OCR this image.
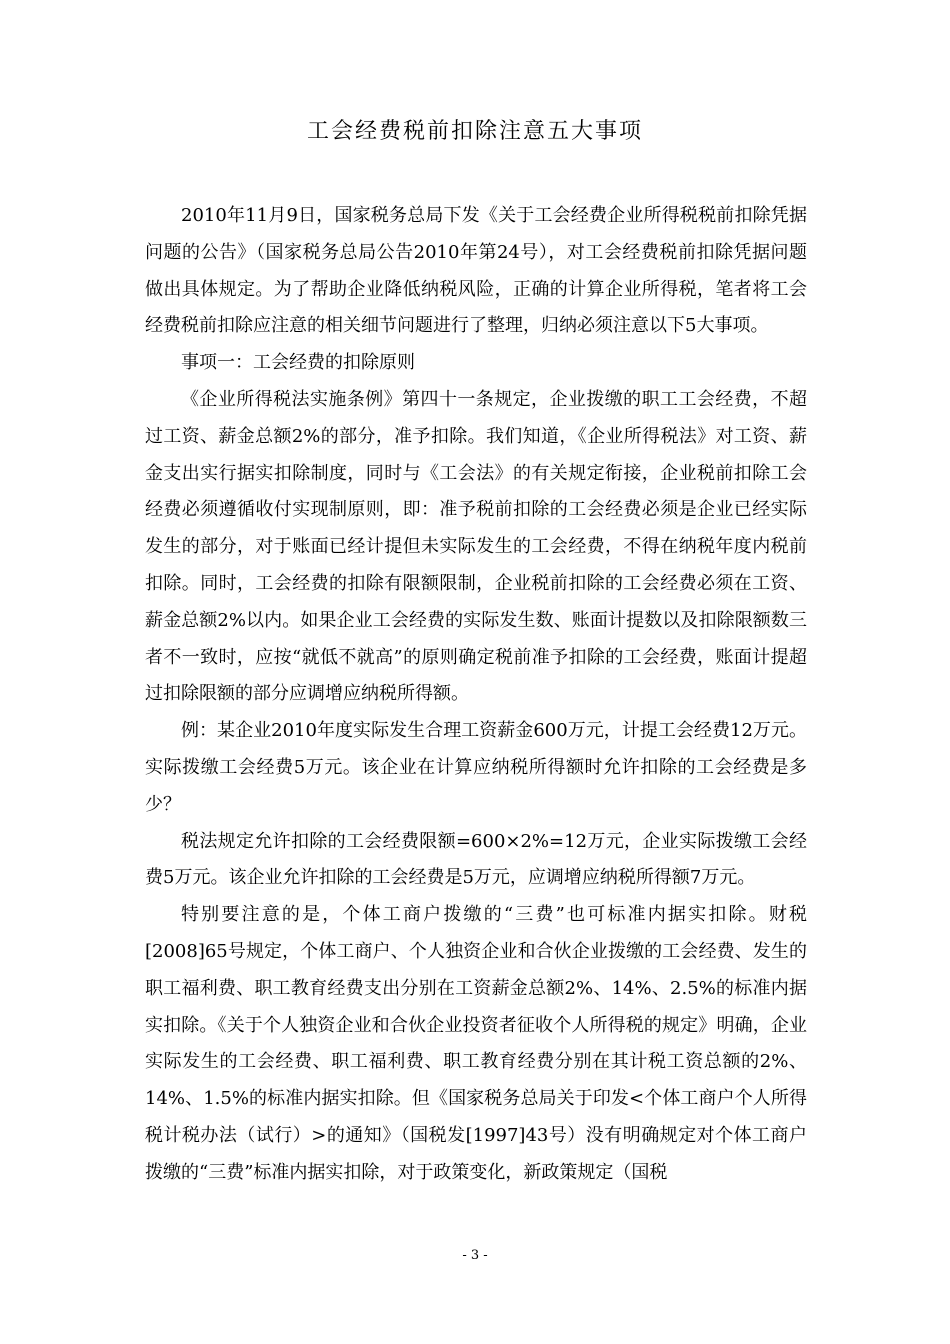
工会经费税前扣除注意五大事项

2010年11月9日，国家税务总局下发《关于工会经费企业所得税税前扣除凭据问题的公告》（国家税务总局公告2010年第24号），对工会经费税前扣除凭据问题做出具体规定。为了帮助企业降低纳税风险，正确的计算企业所得税，笔者将工会经费税前扣除应注意的相关细节问题进行了整理，归纳必须注意以下5大事项。

事项一：工会经费的扣除原则

《企业所得税法实施条例》第四十一条规定，企业拨缴的职工工会经费，不超过工资、薪金总额2%的部分，准予扣除。我们知道，《企业所得税法》对工资、薪金支出实行据实扣除制度，同时与《工会法》的有关规定衔接，企业税前扣除工会经费必须遵循收付实现制原则，即：准予税前扣除的工会经费必须是企业已经实际发生的部分，对于账面已经计提但未实际发生的工会经费，不得在纳税年度内税前扣除。同时，工会经费的扣除有限额限制，企业税前扣除的工会经费必须在工资、薪金总额2%以内。如果企业工会经费的实际发生数、账面计提数以及扣除限额数三者不一致时，应按“就低不就高”的原则确定税前准予扣除的工会经费，账面计提超过扣除限额的部分应调增应纳税所得额。

例：某企业2010年度实际发生合理工资薪金600万元，计提工会经费12万元。实际拨缴工会经费5万元。该企业在计算应纳税所得额时允许扣除的工会经费是多少？

税法规定允许扣除的工会经费限额=600×2%=12万元，企业实际拨缴工会经费5万元。该企业允许扣除的工会经费是5万元，应调增应纳税所得额7万元。

特别要注意的是，个体工商户拨缴的“三费”也可标准内据实扣除。财税[2008]65号规定，个体工商户、个人独资企业和合伙企业拨缴的工会经费、发生的职工福利费、职工教育经费支出分别在工资薪金总额2%、14%、2.5%的标准内据实扣除。《关于个人独资企业和合伙企业投资者征收个人所得税的规定》明确，企业实际发生的工会经费、职工福利费、职工教育经费分别在其计税工资总额的2%、14%、1.5%的标准内据实扣除。但《国家税务总局关于印发<个体工商户个人所得税计税办法（试行）>的通知》（国税发[1997]43号）没有明确规定对个体工商户拨缴的“三费”标准内据实扣除，对于政策变化，新政策规定（国税

- 3 -
